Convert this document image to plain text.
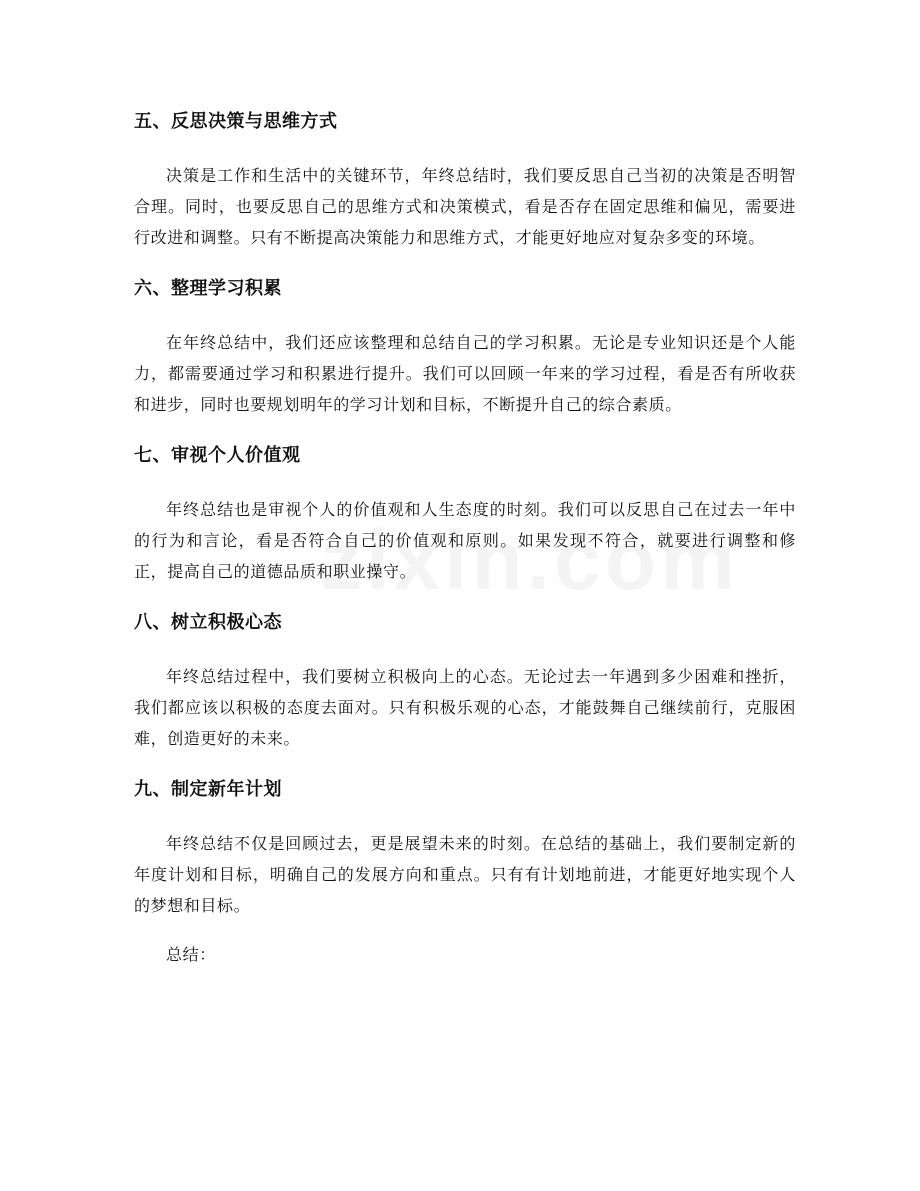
五、反思决策与思维方式

决策是工作和生活中的关键环节，年终总结时，我们要反思自己当初的决策是否明智合理。同时，也要反思自己的思维方式和决策模式，看是否存在固定思维和偏见，需要进行改进和调整。只有不断提高决策能力和思维方式，才能更好地应对复杂多变的环境。

六、整理学习积累

在年终总结中，我们还应该整理和总结自己的学习积累。无论是专业知识还是个人能力，都需要通过学习和积累进行提升。我们可以回顾一年来的学习过程，看是否有所收获和进步，同时也要规划明年的学习计划和目标，不断提升自己的综合素质。

七、审视个人价值观

年终总结也是审视个人的价值观和人生态度的时刻。我们可以反思自己在过去一年中的行为和言论，看是否符合自己的价值观和原则。如果发现不符合，就要进行调整和修正，提高自己的道德品质和职业操守。

八、树立积极心态

年终总结过程中，我们要树立积极向上的心态。无论过去一年遇到多少困难和挫折，我们都应该以积极的态度去面对。只有积极乐观的心态，才能鼓舞自己继续前行，克服困难，创造更好的未来。

九、制定新年计划

年终总结不仅是回顾过去，更是展望未来的时刻。在总结的基础上，我们要制定新的年度计划和目标，明确自己的发展方向和重点。只有有计划地前进，才能更好地实现个人的梦想和目标。

总结：
